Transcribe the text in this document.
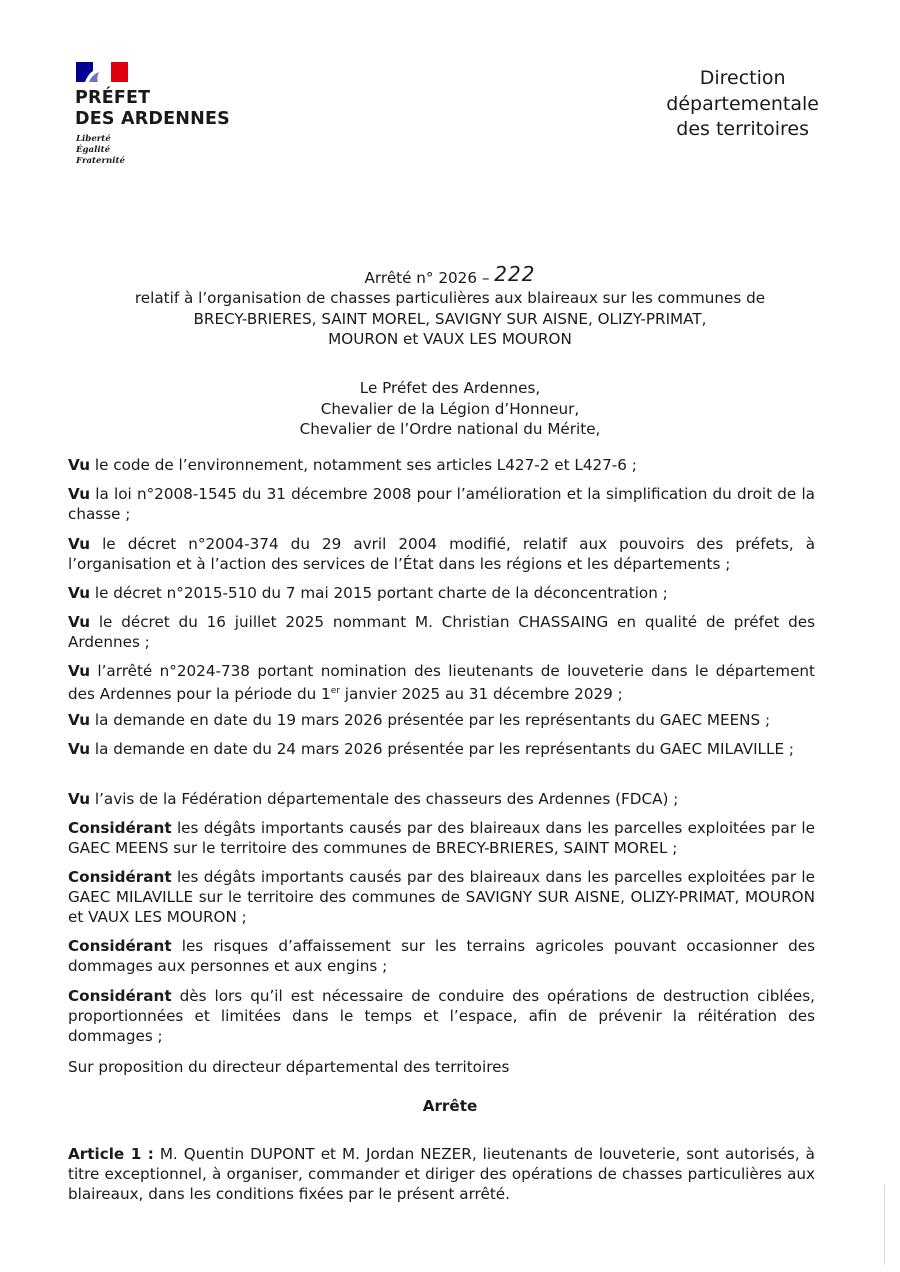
PRÉFET
DES ARDENNES
Liberté
Égalité
Fraternité
Direction
départementale
des territoires
Arrêté n° 2026 – 222
relatif à l’organisation de chasses particulières aux blaireaux sur les communes de
BRECY-BRIERES, SAINT MOREL, SAVIGNY SUR AISNE, OLIZY-PRIMAT,
MOURON et VAUX LES MOURON
Le Préfet des Ardennes,
Chevalier de la Légion d’Honneur,
Chevalier de l’Ordre national du Mérite,

Vu le code de l’environnement, notamment ses articles L427-2 et L427-6 ;

Vu la loi n°2008-1545 du 31 décembre 2008 pour l’amélioration et la simplification du droit de la chasse ;

Vu le décret n°2004-374 du 29 avril 2004 modifié, relatif aux pouvoirs des préfets, à l’organisation et à l’action des services de l’État dans les régions et les départements ;

Vu le décret n°2015-510 du 7 mai 2015 portant charte de la déconcentration ;

Vu le décret du 16 juillet 2025 nommant M. Christian CHASSAING en qualité de préfet des Ardennes ;

Vu l’arrêté n°2024-738 portant nomination des lieutenants de louveterie dans le département des Ardennes pour la période du 1er janvier 2025 au 31 décembre 2029 ;

Vu la demande en date du 19 mars 2026 présentée par les représentants du GAEC MEENS ;

Vu la demande en date du 24 mars 2026 présentée par les représentants du GAEC MILAVILLE ;

Vu l’avis de la Fédération départementale des chasseurs des Ardennes (FDCA) ;

Considérant les dégâts importants causés par des blaireaux dans les parcelles exploitées par le GAEC MEENS sur le territoire des communes de BRECY-BRIERES, SAINT MOREL ;

Considérant les dégâts importants causés par des blaireaux dans les parcelles exploitées par le GAEC MILAVILLE sur le territoire des communes de SAVIGNY SUR AISNE, OLIZY-PRIMAT, MOURON et VAUX LES MOURON ;

Considérant les risques d’affaissement sur les terrains agricoles pouvant occasionner des dommages aux personnes et aux engins ;

Considérant dès lors qu’il est nécessaire de conduire des opérations de destruction ciblées, proportionnées et limitées dans le temps et l’espace, afin de prévenir la réitération des dommages ;

Sur proposition du directeur départemental des territoires

Arrête

Article 1 : M. Quentin DUPONT et M. Jordan NEZER, lieutenants de louveterie, sont autorisés, à titre exceptionnel, à organiser, commander et diriger des opérations de chasses particulières aux blaireaux, dans les conditions fixées par le présent arrêté.
